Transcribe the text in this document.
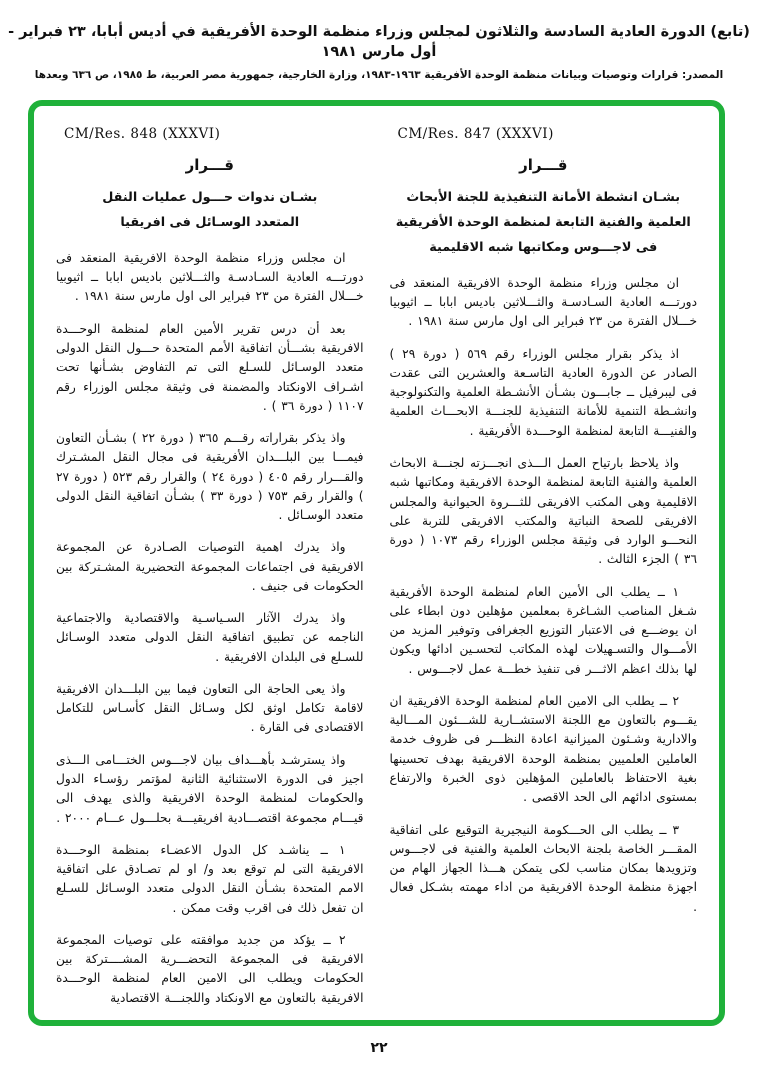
(تابع) الدورة العادية السادسة والثلاثون لمجلس وزراء منظمة الوحدة الأفريقية في أديس أبابا، ٢٣ فبراير - أول مارس ١٩٨١
المصدر: قرارات وتوصيات وبيانات منظمة الوحدة الأفريقية ١٩٦٣-١٩٨٣، وزارة الخارجية، جمهورية مصر العربية، ط ١٩٨٥، ص ٦٣٦ وبعدها
CM/Res. 847 (XXXVI)
قـــرار
بشـان انشطة الأمانة التنفيذية للجنة الأبحاث
العلمية والفنية التابعة لمنظمة الوحدة الأفريقية
فى لاجـــوس ومكاتبها شبه الاقليمية

ان مجلس وزراء منظمة الوحدة الافريقية المنعقد فى دورتـــه العادية السـادسـة والثـــلاثين باديس ابابا ــ اثيوبيا خـــلال الفترة من ٢٣ فبراير الى اول مارس سنة ١٩٨١ .

اذ يذكر بقرار مجلس الوزراء رقم ٥٦٩ ( دورة ٢٩ ) الصادر عن الدورة العادية التاسـعة والعشرين التى عقدت فى ليبرفيل ــ جابـــون بشـأن الأنشـطة العلمية والتكنولوجية وانشـطة التنمية للأمانة التنفيذية للجنـــة الابحـــاث العلمية والفنيـــة التابعة لمنظمة الوحـــدة الأفريقية .

واذ يلاحظ بارتياح العمل الـــذى انجـــزته لجنـــة الابحاث العلمية والفنية التابعة لمنظمة الوحدة الافريقية ومكاتبها شبه الاقليمية وهى المكتب الافريقى للثـــروة الحيوانية والمجلس الافريقى للصحة النباتية والمكتب الافريقى للتربة على النحـــو الوارد فى وثيقة مجلس الوزراء رقم ١٠٧٣ ( دورة ٣٦ ) الجزء الثالث .

١ ــ يطلب الى الأمين العام لمنظمة الوحدة الأفريقية شـغل المناصب الشـاغرة بمعلمين مؤهلين دون ابطاء على ان يوضـــع فى الاعتبار التوزيع الجغرافى وتوفير المزيد من الأمـــوال والتسـهيلات لهذه المكاتب لتحسـين ادائها ويكون لها بذلك اعظم الاثـــر فى تنفيذ خطـــة عمل لاجـــوس .

٢ ــ يطلب الى الامين العام لمنظمة الوحدة الافريقية ان يقـــوم بالتعاون مع اللجنة الاستشــارية للشـــئون المـــالية والادارية وشـئون الميزانية اعادة النظـــر فى ظروف خدمة العاملين العلميين بمنظمة الوحدة الافريقية بهدف تحسينها بغية الاحتفاظ بالعاملين المؤهلين ذوى الخبرة والارتفاع بمستوى ادائهم الى الحد الاقصى .

٣ ــ يطلب الى الحـــكومة النيجيرية التوقيع على اتفاقية المقـــر الخاصة بلجنة الابحاث العلمية والفنية فى لاجـــوس وتزويدها بمكان مناسب لكى يتمكن هـــذا الجهاز الهام من اجهزة منظمة الوحدة الافريقية من اداء مهمته بشـكل فعال .

CM/Res. 848 (XXXVI)
قـــرار
بشـان ندوات حـــول عمليات النقل
المتعدد الوسـائل فى افريقيا

ان مجلس وزراء منظمة الوحدة الافريقية المنعقد فى دورتـــه العادية السـادسـة والثـــلاثين باديس ابابا ــ اثيوبيا خـــلال الفترة من ٢٣ فبراير الى اول مارس سنة ١٩٨١ .

بعد أن درس تقرير الأمين العام لمنظمة الوحـــدة الافريقية بشـــأن اتفاقية الأمم المتحدة حـــول النقل الدولى متعدد الوسـائل للسـلع التى تم التفاوض بشـأنها تحت اشـراف الاونكتاد والمضمنة فى وثيقة مجلس الوزراء رقم ١١٠٧ ( دورة ٣٦ ) .

واذ يذكر بقراراته رقـــم ٣٦٥ ( دورة ٢٢ ) بشـأن التعاون فيمـــا بين البلـــدان الأفريقية فى مجال النقل المشـترك والقـــرار رقم ٤٠٥ ( دورة ٢٤ ) والقرار رقم ٥٢٣ ( دورة ٢٧ ) والقرار رقم ٧٥٣ ( دورة ٣٣ ) بشـأن اتفاقية النقل الدولى متعدد الوسـائل .

واذ يدرك اهمية التوصيات الصـادرة عن المجموعة الافريقية فى اجتماعات المجموعة التحضيرية المشـتركة بين الحكومات فى جنيف .

واذ يدرك الآثار السـياسـية والاقتصادية والاجتماعية الناجمه عن تطبيق اتفاقية النقل الدولى متعدد الوسـائل للسـلع فى البلدان الافريقية .

واذ يعى الحاجة الى التعاون فيما بين البلـــدان الافريقية لاقامة تكامل اوثق لكل وسـائل النقل كأسـاس للتكامل الاقتصادى فى القارة .

واذ يسترشـد بأهـــداف بيان لاجـــوس الختـــامى الـــذى اجيز فى الدورة الاستثنائية الثانية لمؤتمر رؤسـاء الدول والحكومات لمنظمة الوحدة الافريقية والذى يهدف الى قيـــام مجموعة اقتصـــادية افريقيـــة بحلـــول عـــام ٢٠٠٠ .

١ ــ يناشـد كل الدول الاعضـاء بمنظمة الوحـــدة الافريقية التى لم توقع بعد و/ او لم تصـادق على اتفاقية الامم المتحدة بشـأن النقل الدولى متعدد الوسـائل للسـلع ان تفعل ذلك فى اقرب وقت ممكن .

٢ ــ يؤكد من جديد موافقته على توصيات المجموعة الافريقية فى المجموعة التحضـــرية المشــــتركة بين الحكومات ويطلب الى الامين العام لمنظمة الوحـــدة الافريقية بالتعاون مع الاونكتاد واللجنـــة الاقتصادية

٢٢
